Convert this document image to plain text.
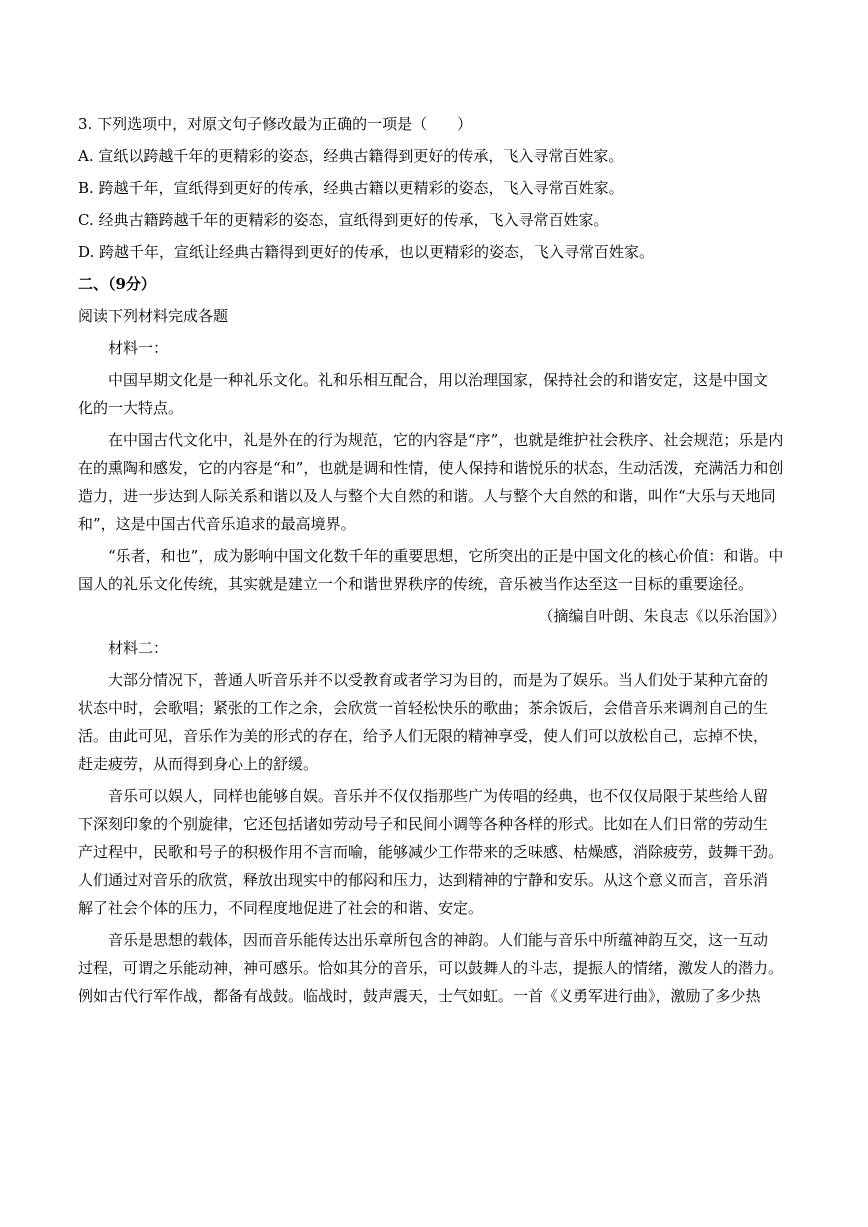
3. 下列选项中，对原文句子修改最为正确的一项是（　　）
A. 宣纸以跨越千年的更精彩的姿态，经典古籍得到更好的传承，飞入寻常百姓家。
B. 跨越千年，宣纸得到更好的传承，经典古籍以更精彩的姿态，飞入寻常百姓家。
C. 经典古籍跨越千年的更精彩的姿态，宣纸得到更好的传承，飞入寻常百姓家。
D. 跨越千年，宣纸让经典古籍得到更好的传承，也以更精彩的姿态，飞入寻常百姓家。
二、（9分）
阅读下列材料完成各题
材料一：
中国早期文化是一种礼乐文化。礼和乐相互配合，用以治理国家，保持社会的和谐安定，这是中国文
化的一大特点。
在中国古代文化中，礼是外在的行为规范，它的内容是“序”，也就是维护社会秩序、社会规范；乐是内
在的熏陶和感发，它的内容是“和”，也就是调和性情，使人保持和谐悦乐的状态，生动活泼，充满活力和创
造力，进一步达到人际关系和谐以及人与整个大自然的和谐。人与整个大自然的和谐，叫作“大乐与天地同
和”，这是中国古代音乐追求的最高境界。
“乐者，和也”，成为影响中国文化数千年的重要思想，它所突出的正是中国文化的核心价值：和谐。中
国人的礼乐文化传统，其实就是建立一个和谐世界秩序的传统，音乐被当作达至这一目标的重要途径。
（摘编自叶朗、朱良志《以乐治国》）
材料二：
大部分情况下，普通人听音乐并不以受教育或者学习为目的，而是为了娱乐。当人们处于某种亢奋的
状态中时，会歌唱；紧张的工作之余，会欣赏一首轻松快乐的歌曲；茶余饭后，会借音乐来调剂自己的生
活。由此可见，音乐作为美的形式的存在，给予人们无限的精神享受，使人们可以放松自己，忘掉不快，
赶走疲劳，从而得到身心上的舒缓。
音乐可以娱人，同样也能够自娱。音乐并不仅仅指那些广为传唱的经典，也不仅仅局限于某些给人留
下深刻印象的个别旋律，它还包括诸如劳动号子和民间小调等各种各样的形式。比如在人们日常的劳动生
产过程中，民歌和号子的积极作用不言而喻，能够减少工作带来的乏味感、枯燥感，消除疲劳，鼓舞干劲。
人们通过对音乐的欣赏，释放出现实中的郁闷和压力，达到精神的宁静和安乐。从这个意义而言，音乐消
解了社会个体的压力，不同程度地促进了社会的和谐、安定。
音乐是思想的载体，因而音乐能传达出乐章所包含的神韵。人们能与音乐中所蕴神韵互交，这一互动
过程，可谓之乐能动神，神可感乐。恰如其分的音乐，可以鼓舞人的斗志，提振人的情绪，激发人的潜力。
例如古代行军作战，都备有战鼓。临战时，鼓声震天，士气如虹。一首《义勇军进行曲》，激励了多少热
